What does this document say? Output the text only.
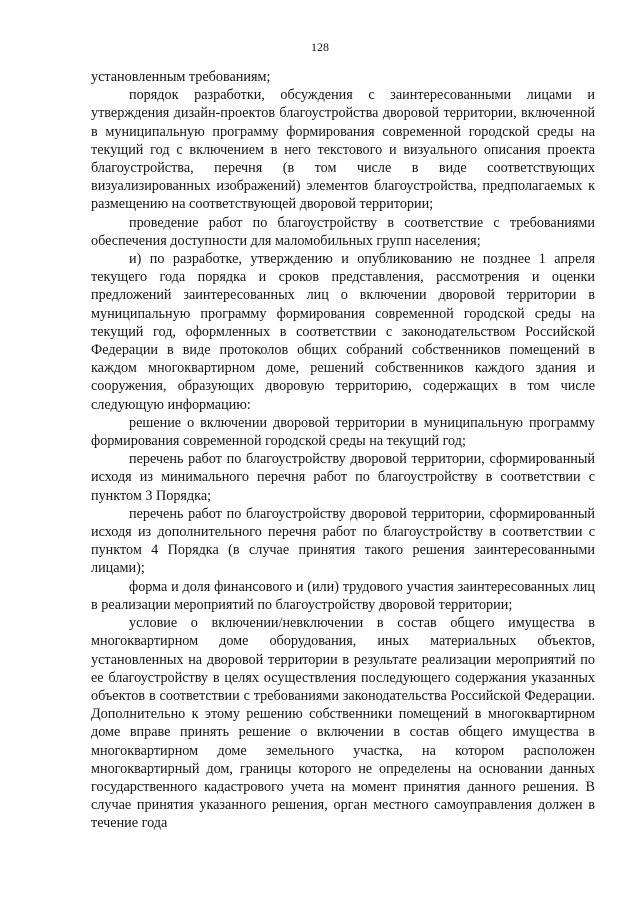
128

установленным требованиям;

порядок разработки, обсуждения с заинтересованными лицами и утверждения дизайн-проектов благоустройства дворовой территории, включенной в муниципальную программу формирования современной городской среды на текущий год с включением в него текстового и визуального описания проекта благоустройства, перечня (в том числе в виде соответствующих визуализированных изображений) элементов благоустройства, предполагаемых к размещению на соответствующей дворовой территории;

проведение работ по благоустройству в соответствие с требованиями обеспечения доступности для маломобильных групп населения;

и) по разработке, утверждению и опубликованию не позднее 1 апреля текущего года порядка и сроков представления, рассмотрения и оценки предложений заинтересованных лиц о включении дворовой территории в муниципальную программу формирования современной городской среды на текущий год, оформленных в соответствии с законодательством Российской Федерации в виде протоколов общих собраний собственников помещений в каждом многоквартирном доме, решений собственников каждого здания и сооружения, образующих дворовую территорию, содержащих в том числе следующую информацию:

решение о включении дворовой территории в муниципальную программу формирования современной городской среды на текущий год;

перечень работ по благоустройству дворовой территории, сформированный исходя из минимального перечня работ по благоустройству в соответствии с пунктом 3 Порядка;

перечень работ по благоустройству дворовой территории, сформированный исходя из дополнительного перечня работ по благоустройству в соответствии с пунктом 4 Порядка (в случае принятия такого решения заинтересованными лицами);

форма и доля финансового и (или) трудового участия заинтересованных лиц в реализации мероприятий по благоустройству дворовой территории;

условие о включении/невключении в состав общего имущества в многоквартирном доме оборудования, иных материальных объектов, установленных на дворовой территории в результате реализации мероприятий по ее благоустройству в целях осуществления последующего содержания указанных объектов в соответствии с требованиями законодательства Российской Федерации. Дополнительно к этому решению собственники помещений в многоквартирном доме вправе принять решение о включении в состав общего имущества в многоквартирном доме земельного участка, на котором расположен многоквартирный дом, границы которого не определены на основании данных государственного кадастрового учета на момент принятия данного решения. В случае принятия указанного решения, орган местного самоуправления должен в течение года
